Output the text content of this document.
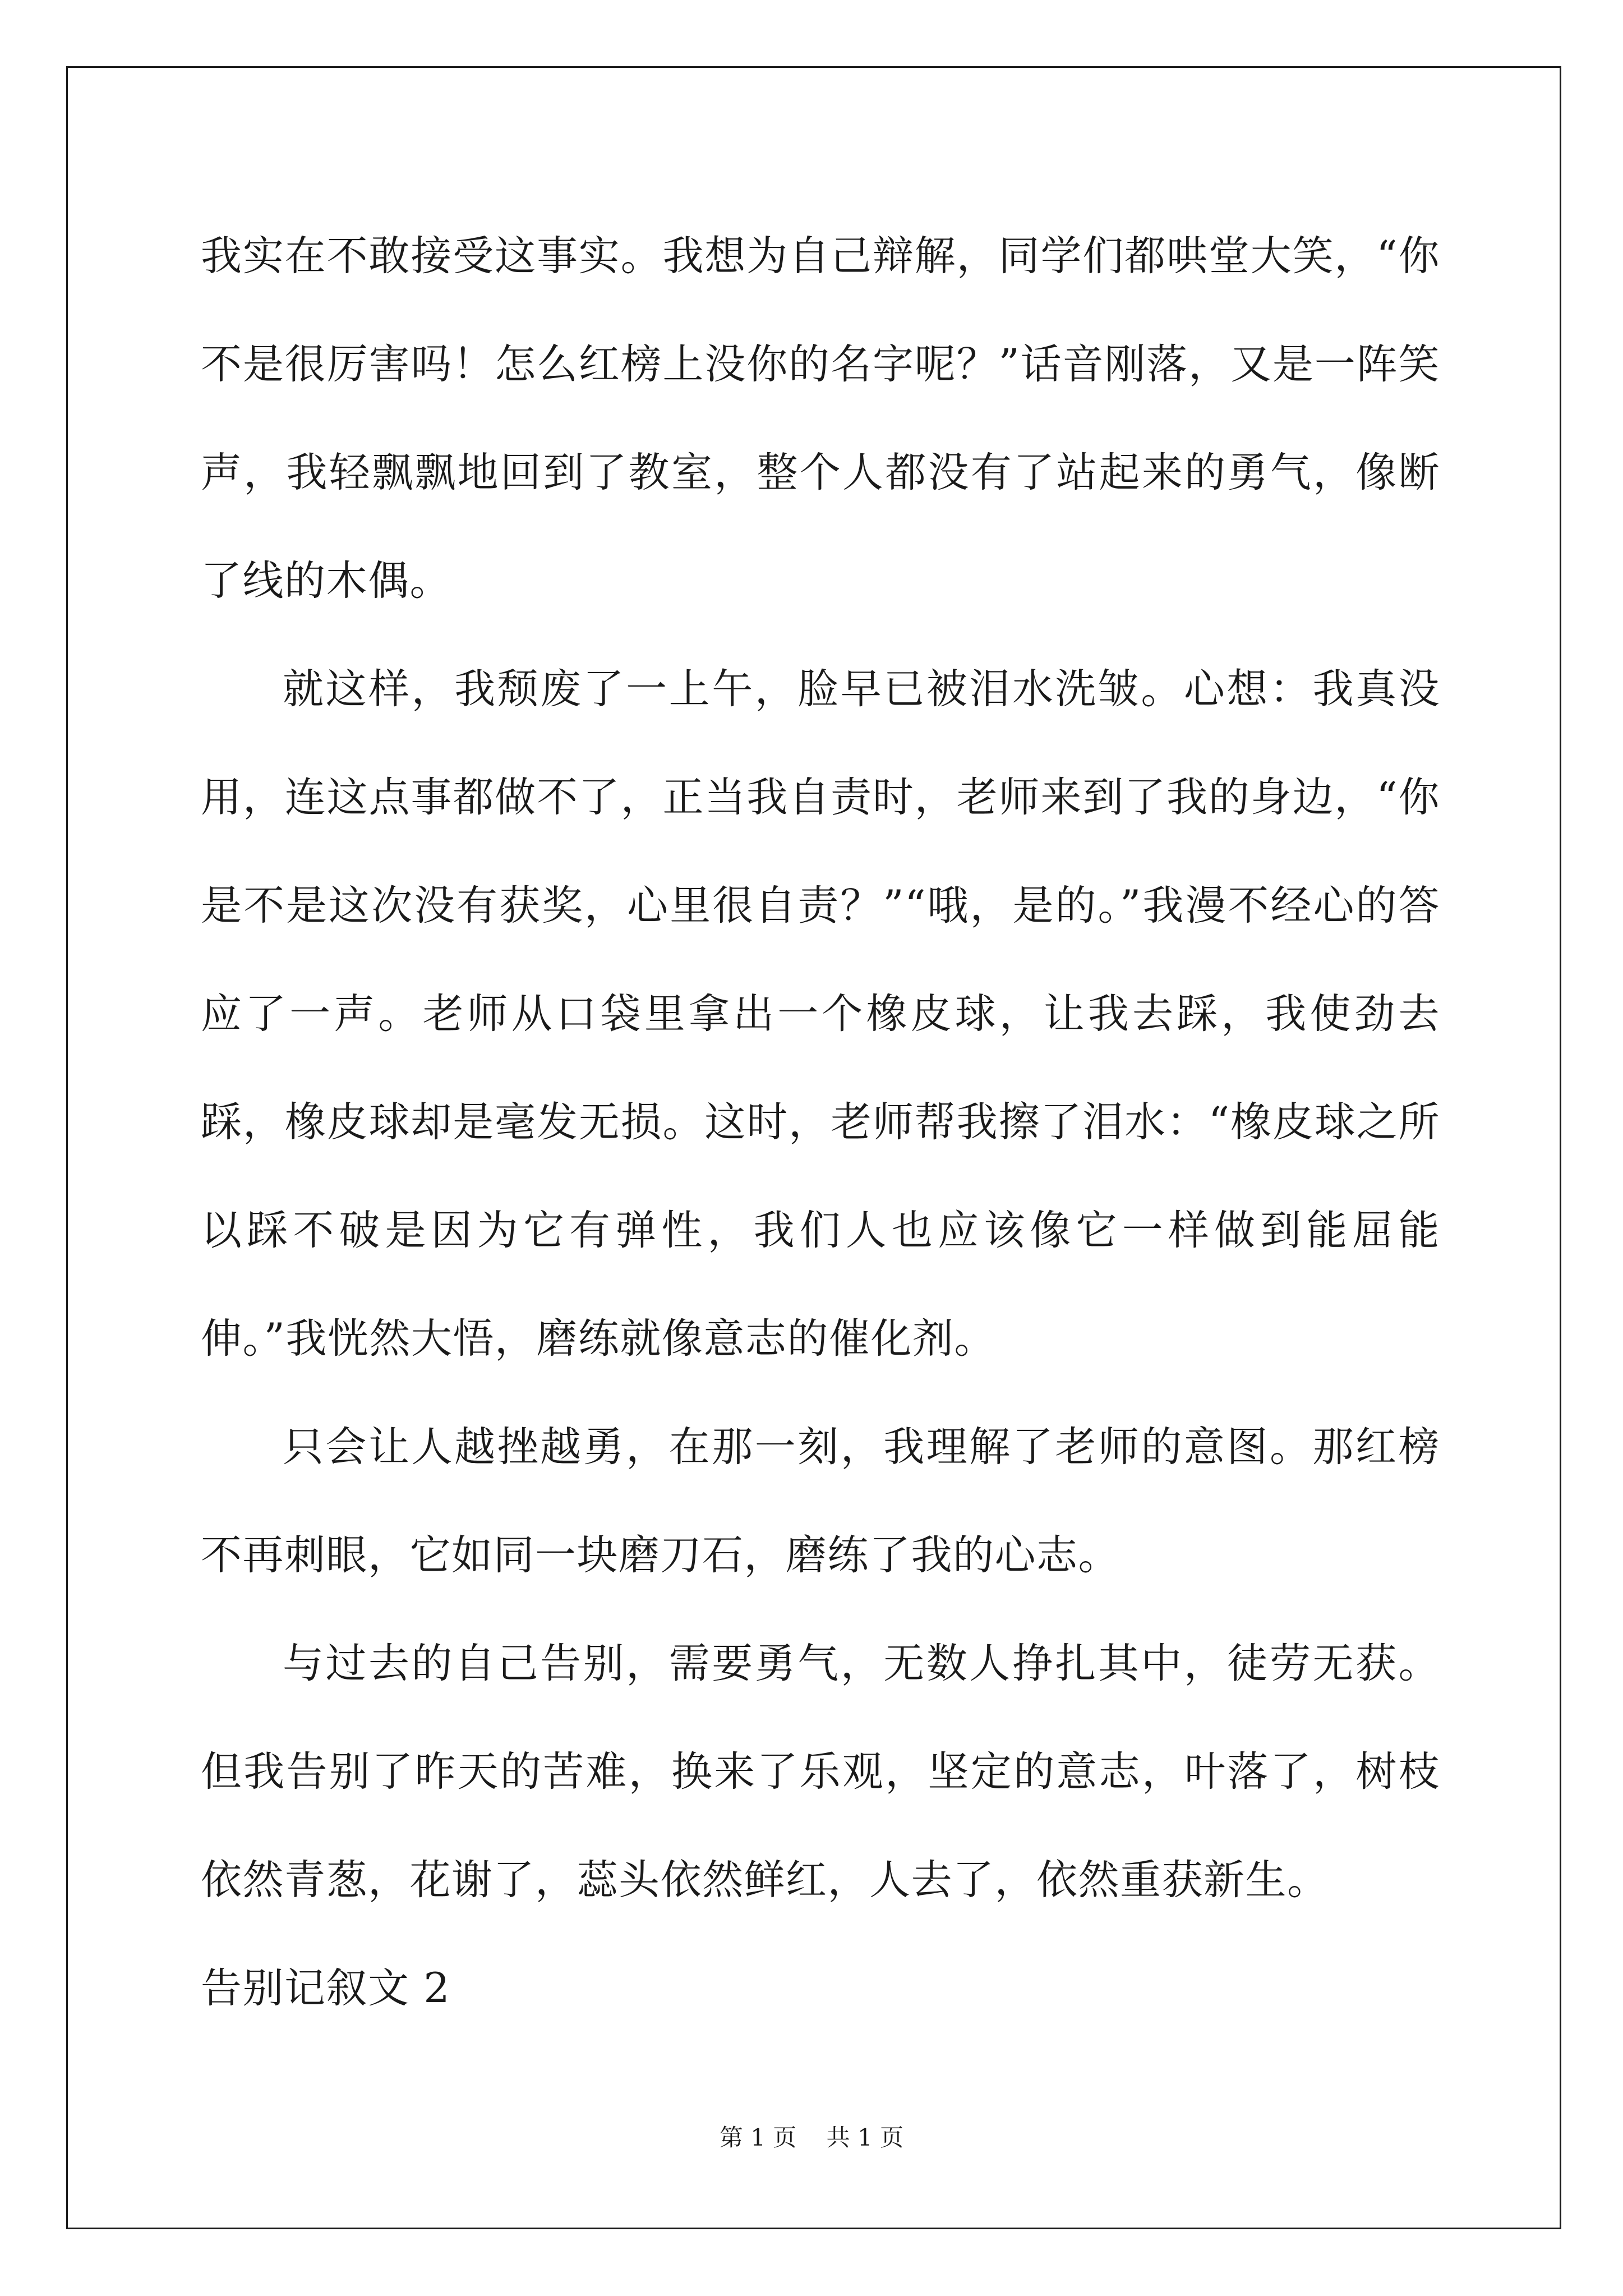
我实在不敢接受这事实。我想为自己辩解，同学们都哄堂大笑，“你不是很厉害吗！怎么红榜上没你的名字呢？”话音刚落，又是一阵笑声，我轻飘飘地回到了教室，整个人都没有了站起来的勇气，像断了线的木偶。

就这样，我颓废了一上午，脸早已被泪水洗皱。心想：我真没用，连这点事都做不了，正当我自责时，老师来到了我的身边，“你是不是这次没有获奖，心里很自责？”“哦，是的。”我漫不经心的答应了一声。老师从口袋里拿出一个橡皮球，让我去踩，我使劲去踩，橡皮球却是毫发无损。这时，老师帮我擦了泪水：“橡皮球之所以踩不破是因为它有弹性，我们人也应该像它一样做到能屈能伸。”我恍然大悟，磨练就像意志的催化剂。

只会让人越挫越勇，在那一刻，我理解了老师的意图。那红榜不再刺眼，它如同一块磨刀石，磨练了我的心志。

与过去的自己告别，需要勇气，无数人挣扎其中，徒劳无获。但我告别了昨天的苦难，换来了乐观，坚定的意志，叶落了，树枝依然青葱，花谢了，蕊头依然鲜红，人去了，依然重获新生。

告别记叙文 2
第 1 页 共 1 页
